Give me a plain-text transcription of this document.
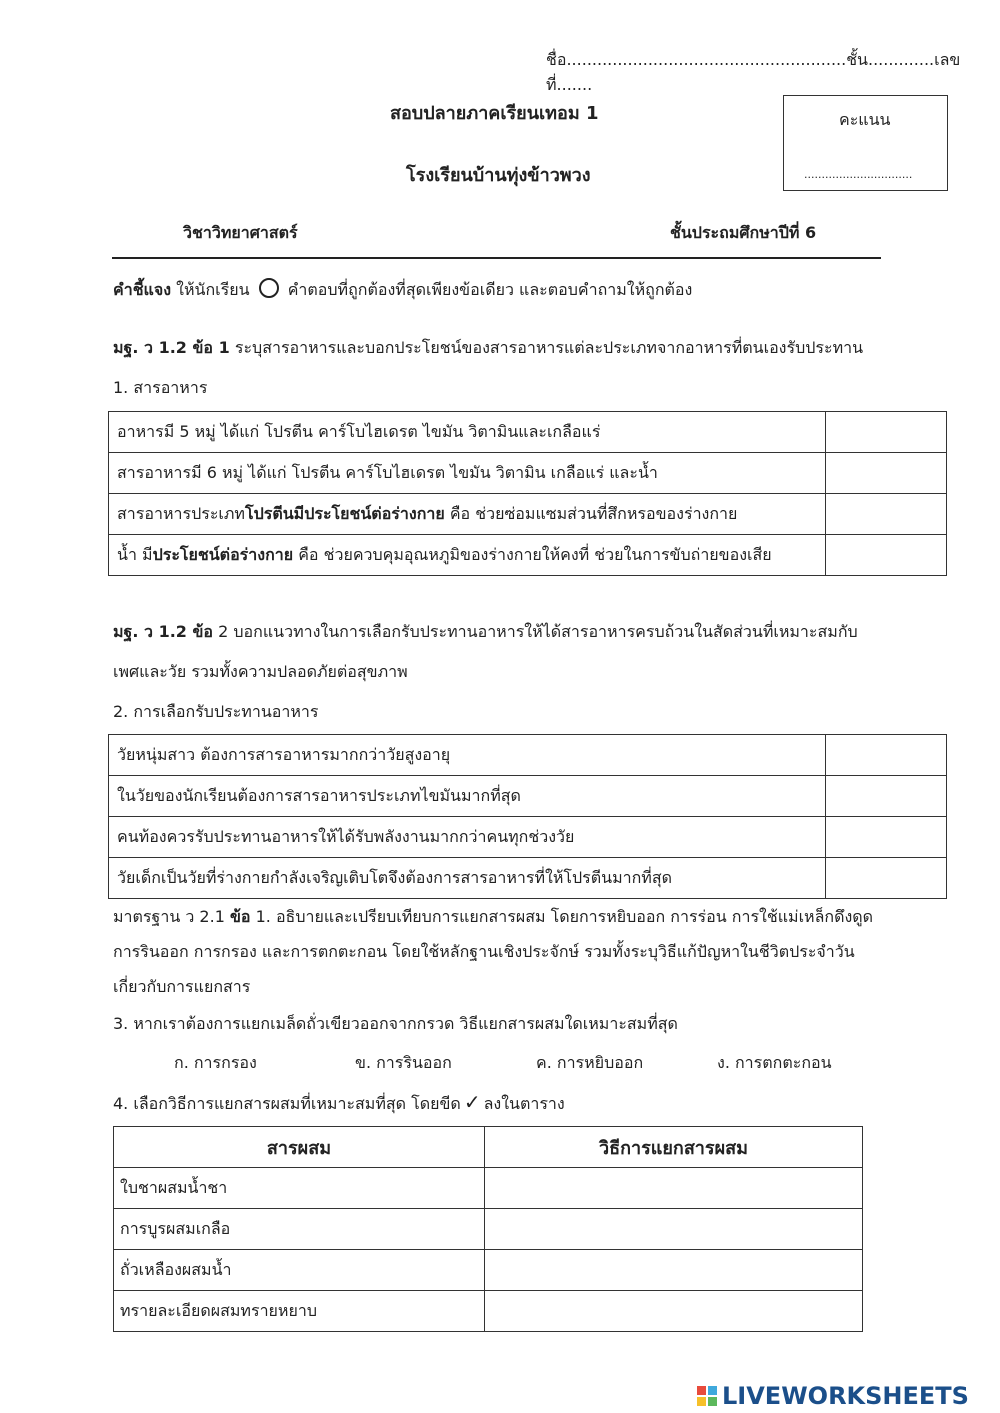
ชื่อ.......................................................ชั้น.............เลขที่.......
สอบปลายภาคเรียนเทอม 1
โรงเรียนบ้านทุ่งข้าวพวง
คะแนน
...............................
วิชาวิทยาศาสตร์	ชั้นประถมศึกษาปีที่ 6
คำชี้แจง ให้นักเรียน คำตอบที่ถูกต้องที่สุดเพียงข้อเดียว และตอบคำถามให้ถูกต้อง
มฐ. ว 1.2 ข้อ 1 ระบุสารอาหารและบอกประโยชน์ของสารอาหารแต่ละประเภทจากอาหารที่ตนเองรับประทาน
1. สารอาหาร
อาหารมี 5 หมู่ ได้แก่ โปรตีน คาร์โบไฮเดรต ไขมัน วิตามินและเกลือแร่	
สารอาหารมี 6 หมู่ ได้แก่ โปรตีน คาร์โบไฮเดรต ไขมัน วิตามิน เกลือแร่ และน้ำ	
สารอาหารประเภทโปรตีนมีประโยชน์ต่อร่างกาย คือ ช่วยซ่อมแซมส่วนที่สึกหรอของร่างกาย	
น้ำ มีประโยชน์ต่อร่างกาย คือ ช่วยควบคุมอุณหภูมิของร่างกายให้คงที่ ช่วยในการขับถ่ายของเสีย	
มฐ. ว 1.2 ข้อ 2 บอกแนวทางในการเลือกรับประทานอาหารให้ได้สารอาหารครบถ้วนในสัดส่วนที่เหมาะสมกับ
เพศและวัย รวมทั้งความปลอดภัยต่อสุขภาพ
2. การเลือกรับประทานอาหาร
วัยหนุ่มสาว ต้องการสารอาหารมากกว่าวัยสูงอายุ	
ในวัยของนักเรียนต้องการสารอาหารประเภทไขมันมากที่สุด	
คนท้องควรรับประทานอาหารให้ได้รับพลังงานมากกว่าคนทุกช่วงวัย	
วัยเด็กเป็นวัยที่ร่างกายกำลังเจริญเติบโตจึงต้องการสารอาหารที่ให้โปรตีนมากที่สุด	
มาตรฐาน ว 2.1 ข้อ 1. อธิบายและเปรียบเทียบการแยกสารผสม โดยการหยิบออก การร่อน การใช้แม่เหล็กดึงดูด
การรินออก การกรอง และการตกตะกอน โดยใช้หลักฐานเชิงประจักษ์ รวมทั้งระบุวิธีแก้ปัญหาในชีวิตประจำวัน
เกี่ยวกับการแยกสาร
3. หากเราต้องการแยกเมล็ดถั่วเขียวออกจากกรวด วิธีแยกสารผสมใดเหมาะสมที่สุด
ก. การกรอง	ข. การรินออก	ค. การหยิบออก	ง. การตกตะกอน
4. เลือกวิธีการแยกสารผสมที่เหมาะสมที่สุด โดยขีด ✓ ลงในตาราง
สารผสม	วิธีการแยกสารผสม
ใบชาผสมน้ำชา	
การบูรผสมเกลือ	
ถั่วเหลืองผสมน้ำ	
ทรายละเอียดผสมทรายหยาบ	
LIVEWORKSHEETS
